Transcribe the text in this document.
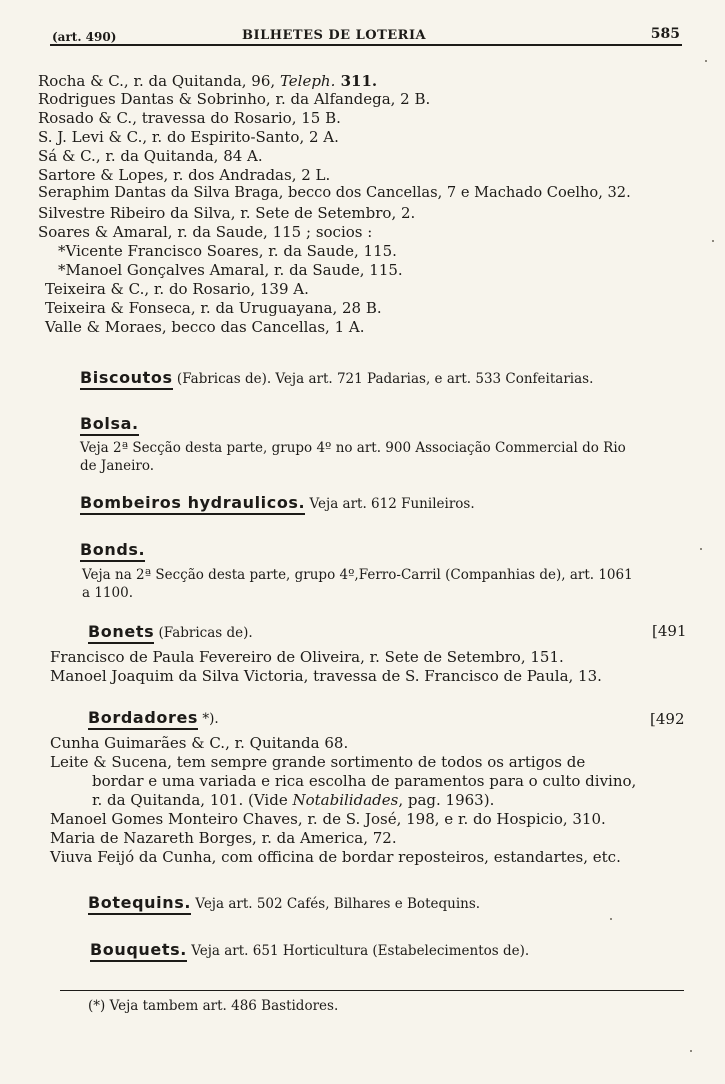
(art. 490)	BILHETES DE LOTERIA	585
Rocha & C., r. da Quitanda, 96, Teleph. 311.
Rodrigues Dantas & Sobrinho, r. da Alfandega, 2 B.
Rosado & C., travessa do Rosario, 15 B.
S. J. Levi & C., r. do Espirito-Santo, 2 A.
Sá & C., r. da Quitanda, 84 A.
Sartore & Lopes, r. dos Andradas, 2 L.
Seraphim Dantas da Silva Braga, becco dos Cancellas, 7 e Machado Coelho, 32.
Silvestre Ribeiro da Silva, r. Sete de Setembro, 2.
Soares & Amaral, r. da Saude, 115 ; socios :
*Vicente Francisco Soares, r. da Saude, 115.
*Manoel Gonçalves Amaral, r. da Saude, 115.
Teixeira & C., r. do Rosario, 139 A.
Teixeira & Fonseca, r. da Uruguayana, 28 B.
Valle & Moraes, becco das Cancellas, 1 A.
Biscoutos (Fabricas de). Veja art. 721 Padarias, e art. 533 Confeitarias.
Bolsa.
Veja 2ª Secção desta parte, grupo 4º no art. 900 Associação Commercial do Rio
de Janeiro.
Bombeiros hydraulicos. Veja art. 612 Funileiros.
Bonds.
Veja na 2ª Secção desta parte, grupo 4º,Ferro-Carril (Companhias de), art. 1061
a 1100.
Bonets (Fabricas de).	[491
Francisco de Paula Fevereiro de Oliveira, r. Sete de Setembro, 151.
Manoel Joaquim da Silva Victoria, travessa de S. Francisco de Paula, 13.
Bordadores *).	[492
Cunha Guimarães & C., r. Quitanda 68.
Leite & Sucena, tem sempre grande sortimento de todos os artigos de
bordar e uma variada e rica escolha de paramentos para o culto divino,
r. da Quitanda, 101. (Vide Notabilidades, pag. 1963).
Manoel Gomes Monteiro Chaves, r. de S. José, 198, e r. do Hospicio, 310.
Maria de Nazareth Borges, r. da America, 72.
Viuva Feijó da Cunha, com officina de bordar reposteiros, estandartes, etc.
Botequins. Veja art. 502 Cafés, Bilhares e Botequins.
Bouquets. Veja art. 651 Horticultura (Estabelecimentos de).
(*) Veja tambem art. 486 Bastidores.
